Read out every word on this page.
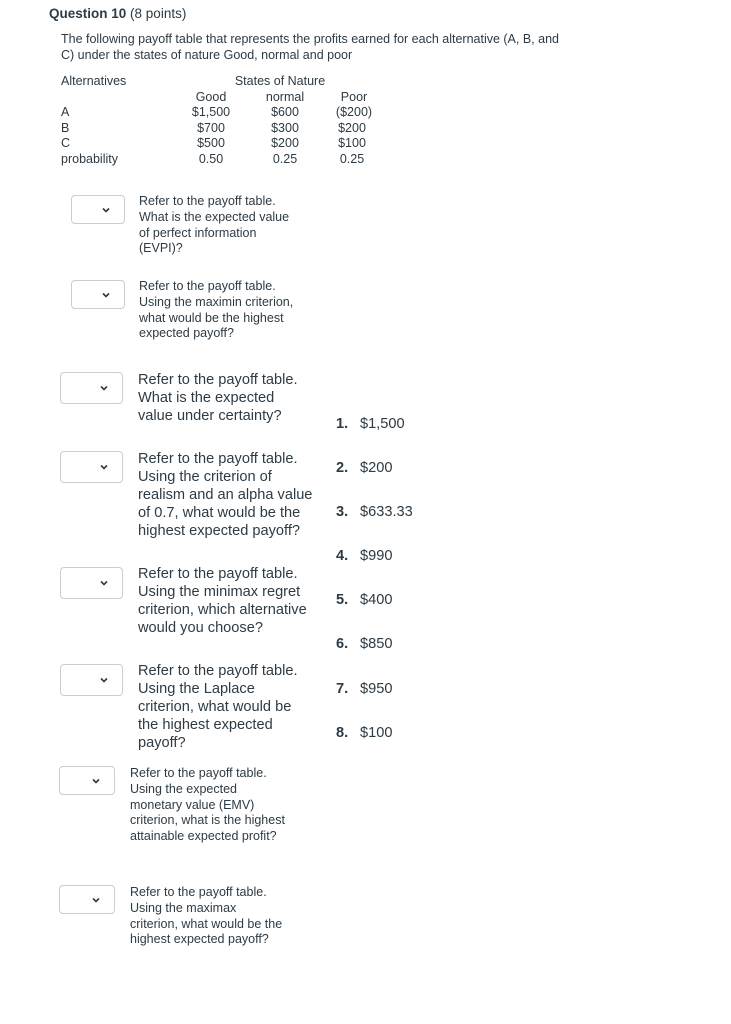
Question 10 (8 points)
The following payoff table that represents the profits earned for each alternative (A, B, and C) under the states of nature Good, normal and poor
Alternatives	States of Nature
Good	normal	Poor
A	$1,500	$600	($200)
B	$700	$300	$200
C	$500	$200	$100
probability	0.50	0.25	0.25
Refer to the payoff table. What is the expected value of perfect information (EVPI)?
Refer to the payoff table. Using the maximin criterion, what would be the highest expected payoff?
Refer to the payoff table. What is the expected value under certainty?
Refer to the payoff table. Using the criterion of realism and an alpha value of 0.7, what would be the highest expected payoff?
Refer to the payoff table. Using the minimax regret criterion, which alternative would you choose?
Refer to the payoff table. Using the Laplace criterion, what would be the highest expected payoff?
Refer to the payoff table. Using the expected monetary value (EMV) criterion, what is the highest attainable expected profit?
Refer to the payoff table. Using the maximax criterion, what would be the highest expected payoff?
1. $1,500
2. $200
3. $633.33
4. $990
5. $400
6. $850
7. $950
8. $100
